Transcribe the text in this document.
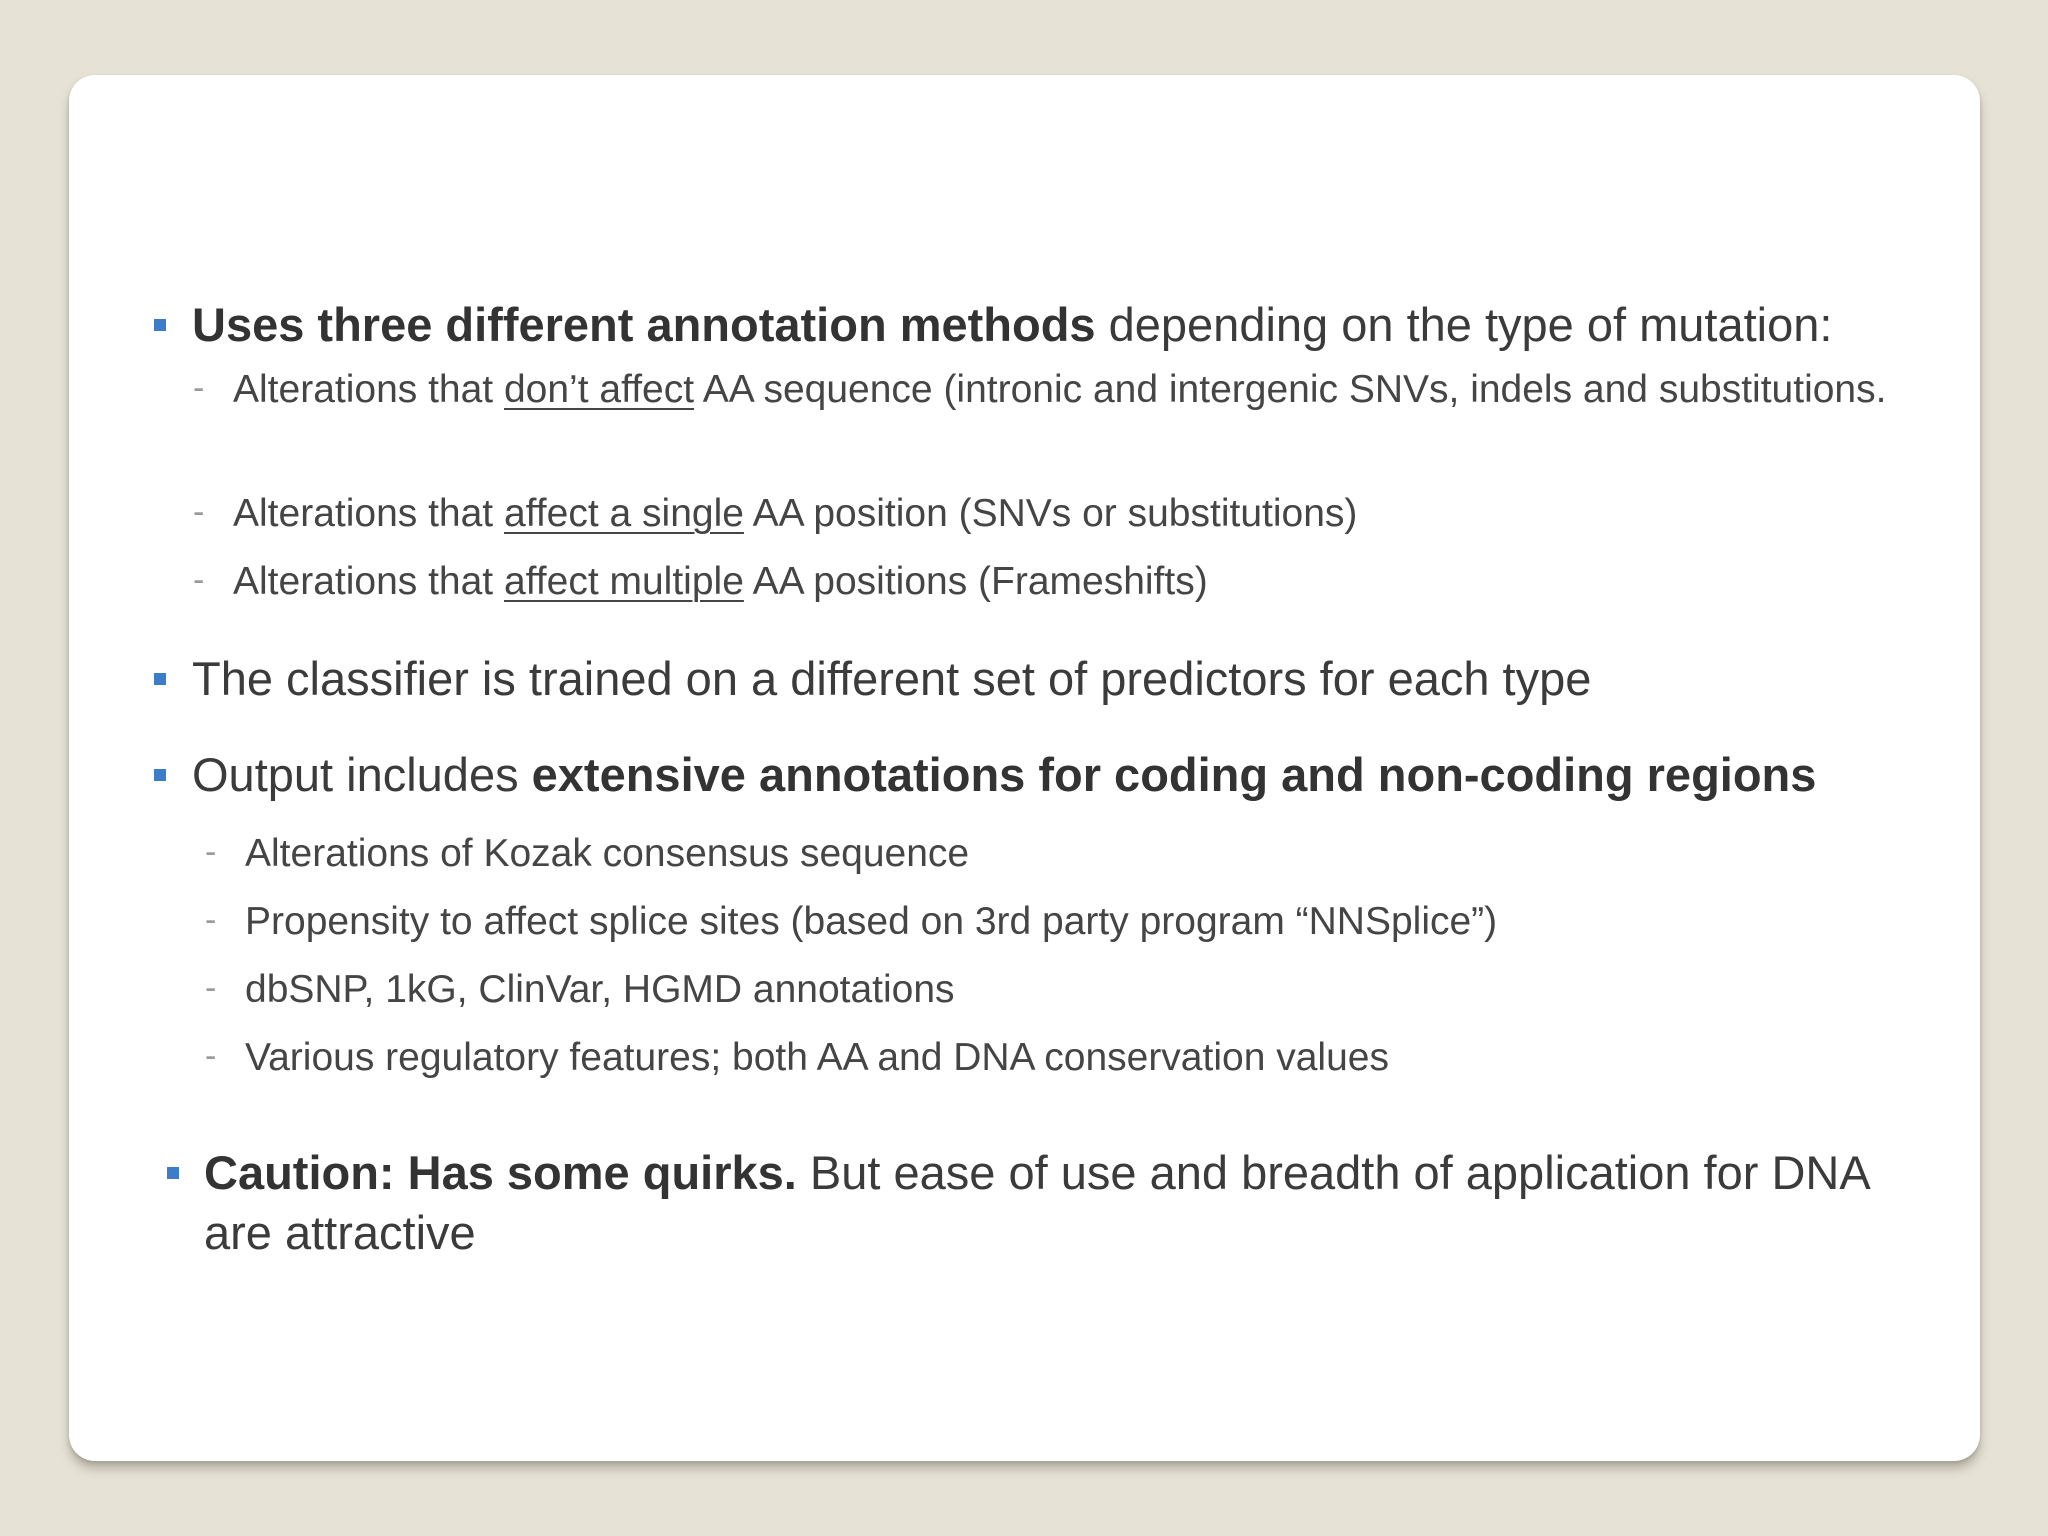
Uses three different annotation methods depending on the type of mutation:
- Alterations that don’t affect AA sequence (intronic and intergenic SNVs, indels and substitutions.
- Alterations that affect a single AA position (SNVs or substitutions)
- Alterations that affect multiple AA positions (Frameshifts)
The classifier is trained on a different set of predictors for each type
Output includes extensive annotations for coding and non-coding regions
- Alterations of Kozak consensus sequence
- Propensity to affect splice sites (based on 3rd party program “NNSplice”)
- dbSNP, 1kG, ClinVar, HGMD annotations
- Various regulatory features; both AA and DNA conservation values
Caution: Has some quirks. But ease of use and breadth of application for DNA are attractive
